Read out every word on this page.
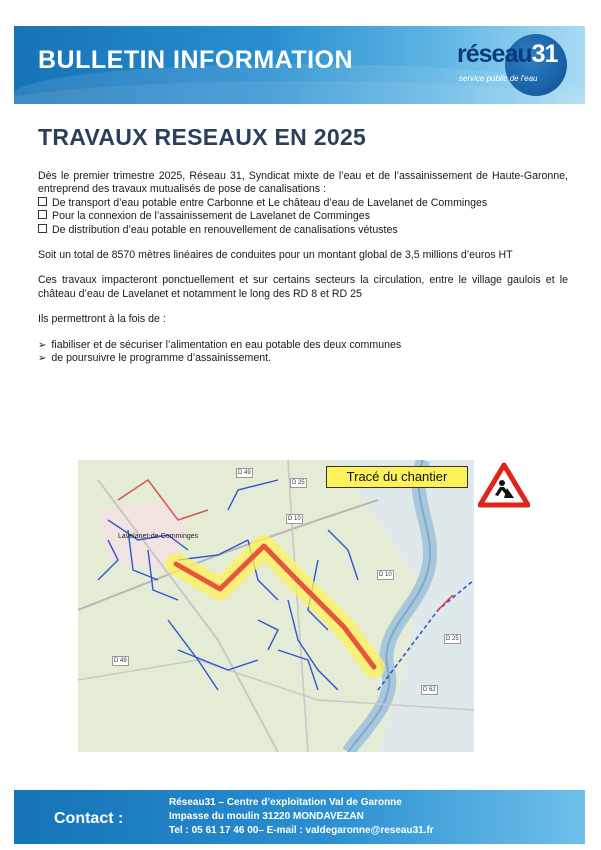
BULLETIN INFORMATION	réseau31
service public de l'eau
TRAVAUX RESEAUX EN 2025

Dès le premier trimestre 2025, Réseau 31, Syndicat mixte de l’eau et de l’assainissement de Haute-Garonne, entreprend des travaux mutualisés de pose de canalisations :

De transport d’eau potable entre Carbonne et Le château d’eau de Lavelanet de Comminges

Pour la connexion de l’assainissement de Lavelanet de Comminges

De distribution d’eau potable en renouvellement de canalisations vétustes

Soit un total de 8570 mètres linéaires de conduites pour un montant global de 3,5 millions d’euros HT

Ces travaux impacteront ponctuellement et sur certains secteurs la circulation, entre le village gaulois et le château d’eau de Lavelanet et notamment le long des RD 8 et RD 25

Ils permettront à la fois de :

➢ fiabiliser et de sécuriser l’alimentation en eau potable des deux communes

➢ de poursuivre le programme d’assainissement.

Tracé du chantier
D 49
D 25
D 10
D 10
D 25
D 49
D 62
Lavelanet-de-Comminges
Contact :
Réseau31 – Centre d’exploitation Val de Garonne
Impasse du moulin 31220 MONDAVEZAN
Tel : 05 61 17 46 00– E-mail : valdegaronne@reseau31.fr
